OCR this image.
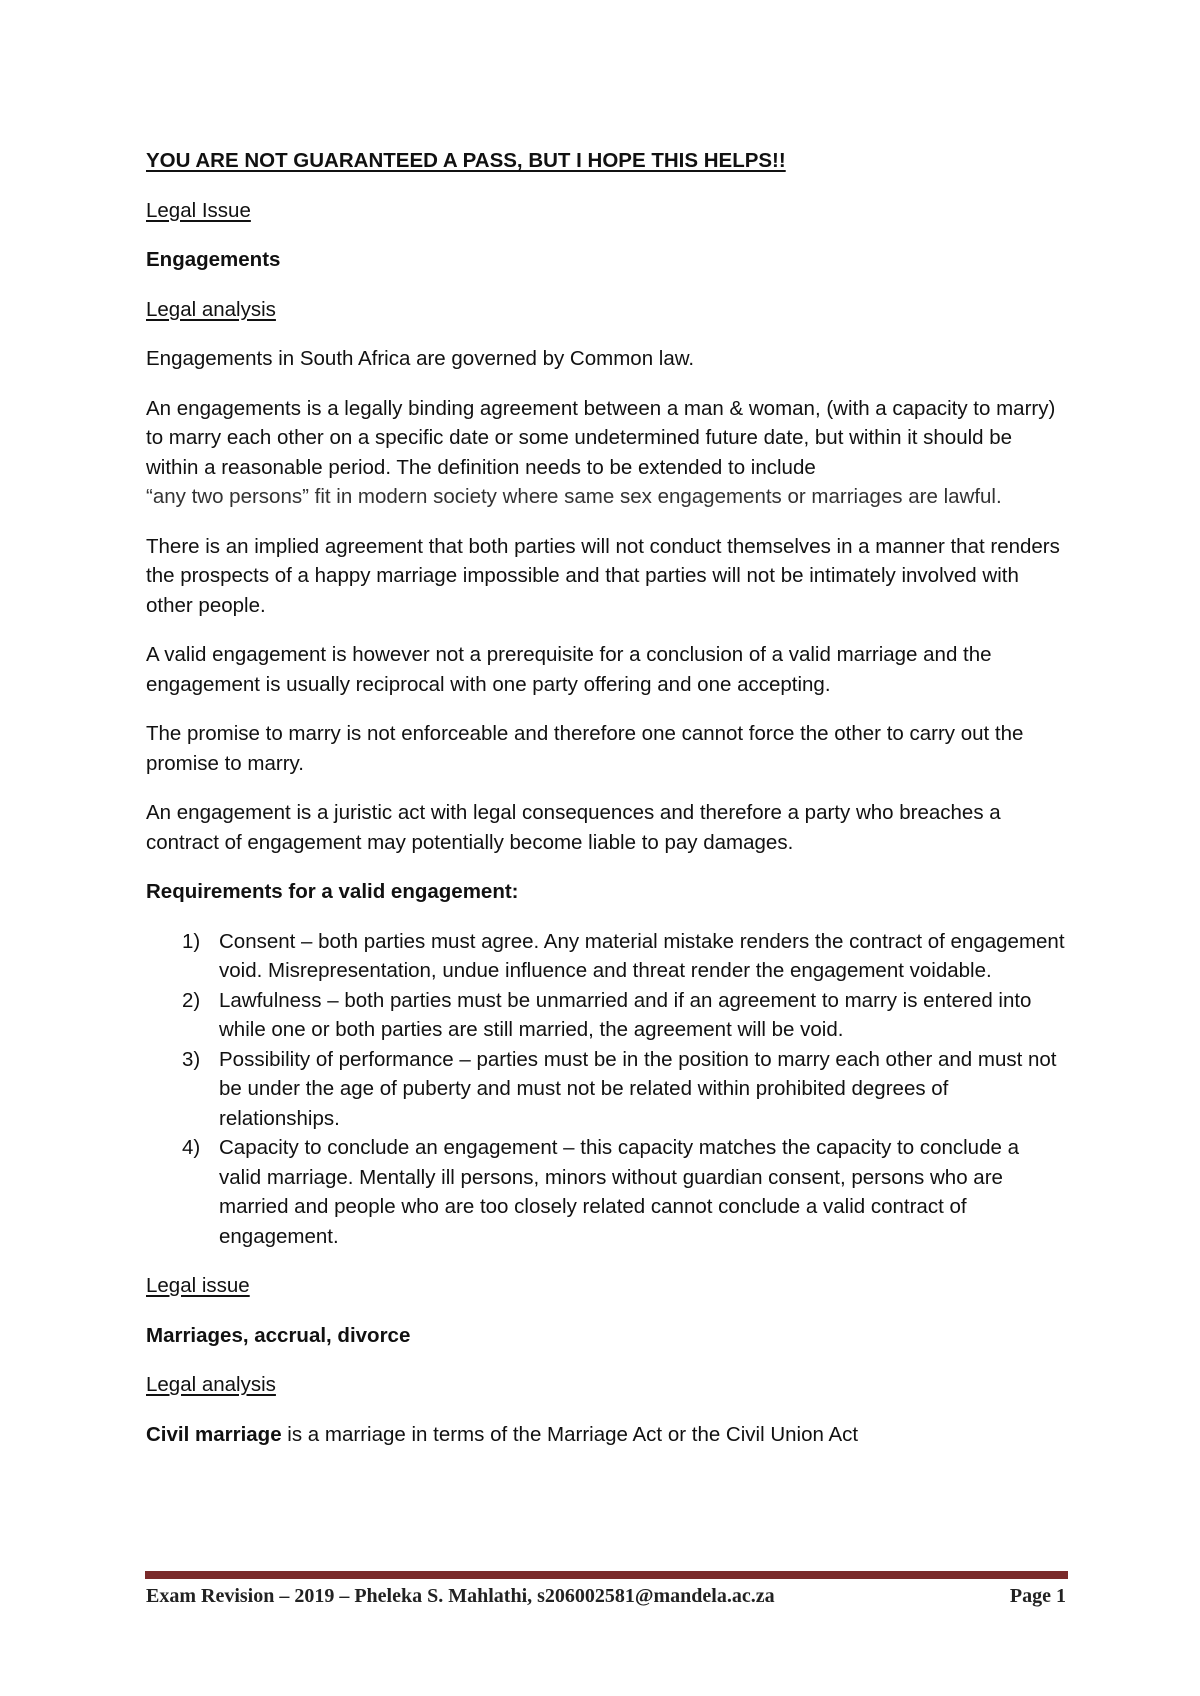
YOU ARE NOT GUARANTEED A PASS, BUT I HOPE THIS HELPS!!

Legal Issue

Engagements

Legal analysis

Engagements in South Africa are governed by Common law.

An engagements is a legally binding agreement between a man & woman, (with a capacity to marry) to marry each other on a specific date or some undetermined future date, but within it should be within a reasonable period. The definition needs to be extended to include

“any two persons” fit in modern society where same sex engagements or marriages are lawful.

There is an implied agreement that both parties will not conduct themselves in a manner that renders the prospects of a happy marriage impossible and that parties will not be intimately involved with other people.

A valid engagement is however not a prerequisite for a conclusion of a valid marriage and the engagement is usually reciprocal with one party offering and one accepting.

The promise to marry is not enforceable and therefore one cannot force the other to carry out the promise to marry.

An engagement is a juristic act with legal consequences and therefore a party who breaches a contract of engagement may potentially become liable to pay damages.

Requirements for a valid engagement:

1) Consent – both parties must agree. Any material mistake renders the contract of engagement void. Misrepresentation, undue influence and threat render the engagement voidable.
2) Lawfulness – both parties must be unmarried and if an agreement to marry is entered into while one or both parties are still married, the agreement will be void.
3) Possibility of performance – parties must be in the position to marry each other and must not be under the age of puberty and must not be related within prohibited degrees of relationships.
4) Capacity to conclude an engagement – this capacity matches the capacity to conclude a valid marriage. Mentally ill persons, minors without guardian consent, persons who are married and people who are too closely related cannot conclude a valid contract of engagement.

Legal issue

Marriages, accrual, divorce

Legal analysis

Civil marriage is a marriage in terms of the Marriage Act or the Civil Union Act

Exam Revision – 2019 – Pheleka S. Mahlathi, s206002581@mandela.ac.za	Page 1
